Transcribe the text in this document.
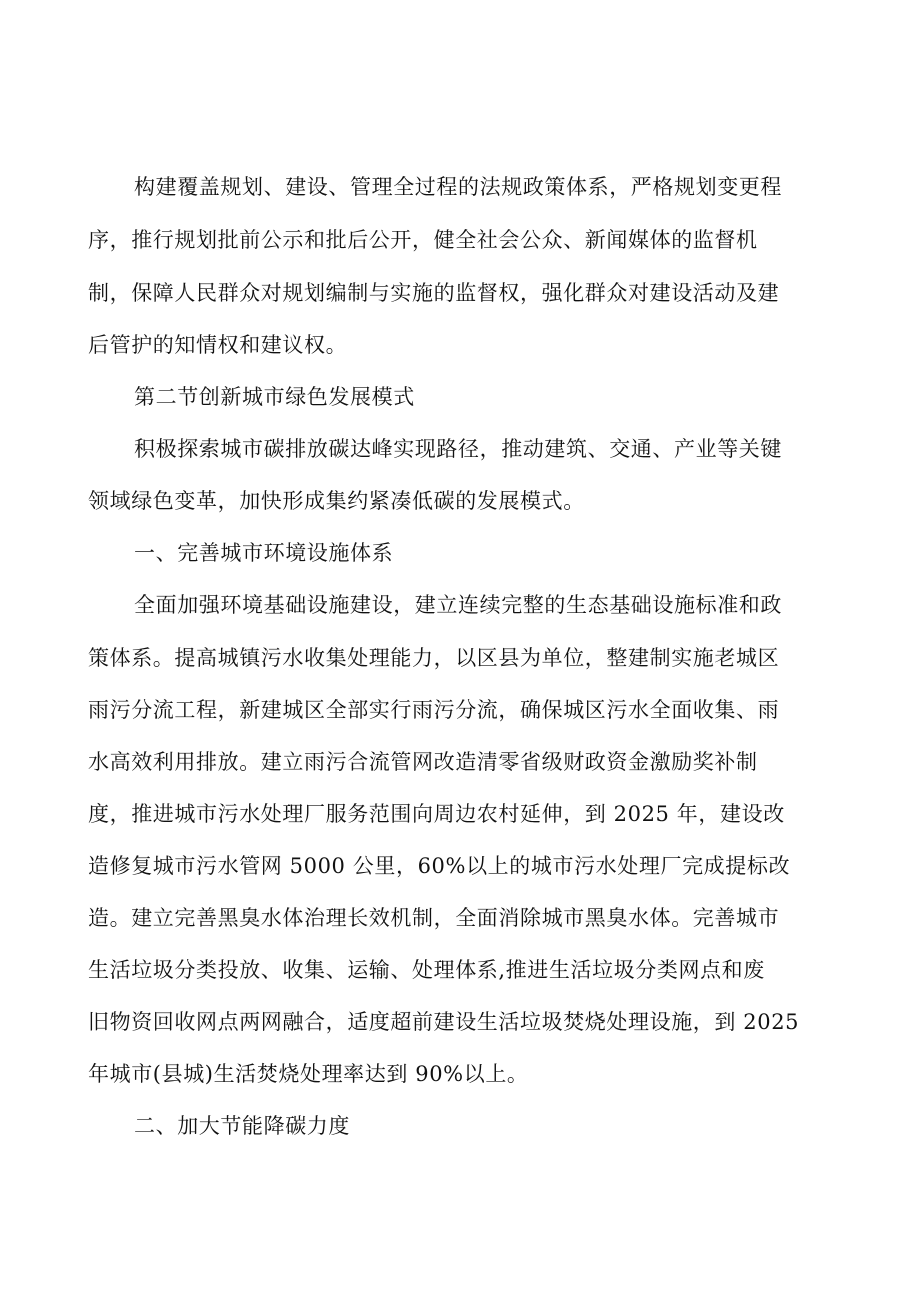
构建覆盖规划、建设、管理全过程的法规政策体系，严格规划变更程
序，推行规划批前公示和批后公开，健全社会公众、新闻媒体的监督机
制，保障人民群众对规划编制与实施的监督权，强化群众对建设活动及建
后管护的知情权和建议权。
第二节创新城市绿色发展模式
积极探索城市碳排放碳达峰实现路径，推动建筑、交通、产业等关键
领域绿色变革，加快形成集约紧凑低碳的发展模式。
一、完善城市环境设施体系
全面加强环境基础设施建设，建立连续完整的生态基础设施标准和政
策体系。提高城镇污水收集处理能力，以区县为单位，整建制实施老城区
雨污分流工程，新建城区全部实行雨污分流，确保城区污水全面收集、雨
水高效利用排放。建立雨污合流管网改造清零省级财政资金激励奖补制
度，推进城市污水处理厂服务范围向周边农村延伸，到 2025 年，建设改
造修复城市污水管网 5000 公里，60%以上的城市污水处理厂完成提标改
造。建立完善黑臭水体治理长效机制，全面消除城市黑臭水体。完善城市
生活垃圾分类投放、收集、运输、处理体系,推进生活垃圾分类网点和废
旧物资回收网点两网融合，适度超前建设生活垃圾焚烧处理设施，到 2025
年城市(县城)生活焚烧处理率达到 90%以上。
二、加大节能降碳力度
